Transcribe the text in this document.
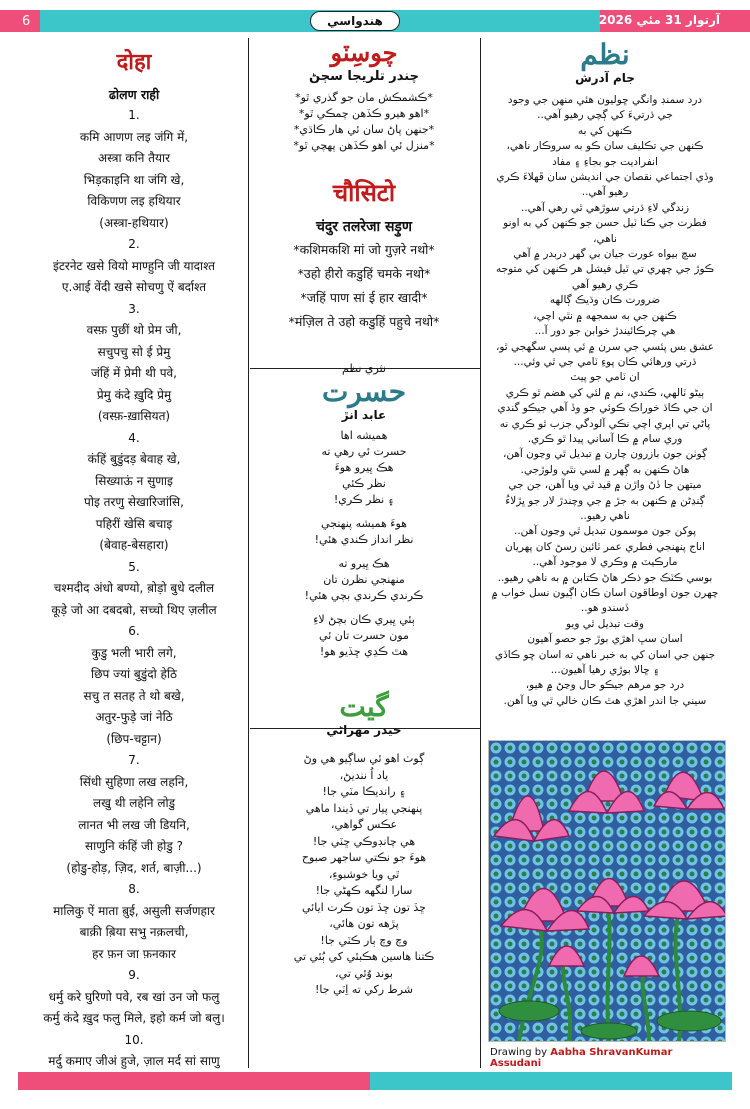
6	هندواسي	آرتوار 31 مئي 2026
दोहा
ढोलण राही
1.
कमि आणण लइ जंगि में,
अस्त्रा कनि तैयार
भिड़काइनि था जंगि खे,
विकिणण लइ हथियार
(अस्त्रा-हथियार)
2.
इंटरनेट खसे वियो माण्हुनि जी यादाश्त
ए.आई वेंदी खसे सोचणु ऐं बर्दाश्त
3.
वस्फ़ पुछीं थो प्रेम जी,
सचुपचु सो ई प्रेमु
जंहिं में प्रेमी थी पवे,
प्रेमु कंदे ख़ुदि प्रेमु
(वस्फ़-ख़ासियत)
4.
कंहिं बुडुंदड़ बेवाह खे,
सिख्याऊं न सुणाइ
पोइ तरणु सेखारिजांसि,
पहिरीं खेसि बचाइ
(बेवाह-बेसहारा)
5.
चश्मदीद अंधो बण्यो, ब़ोड़ो बुधे दलील
कूड़े जो आ दबदबो, सच्चो थिए ज़लील
6.
कुडु भली भारी लगे,
छिप ज्यां बुडुंदो हेठि
सचु त सतह ते थो बखे,
अतुर-फुड़े जां नेठि
(छिप-चट्टान)
7.
सिंधी सुहिणा लख लहनि,
लखु थी लहेनि लोडु
लानत भी लख जी डियनि,
साणुनि कंहिं जी होडु ?
(होडु-होड़, ज़िद, शर्त, बाज़ी...)
8.
मालिकु ऐं माता ब़ुई, असुली सर्जणहार
बाक़ी ब़िया सभु नक़लची,
हर फ़न जा फ़नकार
9.
धर्मु करे घुरिणो पवे, रब खां उन जो फलु
कर्मु कंदे ख़ुद फलु मिले, इहो कर्म जो बलु।
10.
मर्दु कमाए जीअं हुजे, ज़ाल मर्द सां साणु
چوسِٽو
چندر تلريجا سڄڻ
*ڪشمڪش مان جو گذري ٿو*
*اهو هيرو ڪڏهن چمڪي ٿو*
*جنهن پاڻ سان ئي هار ڪاڌي*
*منزل ئي اهو ڪڏهن پهچي ٿو*
चौसिटो
चंदुर तलरेजा सड़ुण
*कशिमकशि मां जो गुज़रे नथो*
*उहो हीरो कडुहिं चमके नथो*
*जहिं पाण सां ई हार खादी*
*मंज़िल ते उहो कडुहिं पहुचे नथो*
نثري نظم
حسرت
عابد انڙ
هميشه اها
حسرت ئي رهي ته
هڪ ڀيرو هوءَ
نظر ڪئي
۽ نظر ڪري!
هوءَ هميشه پنهنجي
نظر انداز ڪندي هئي!
هڪ ڀيرو ته
منهنجي نظرن تان
ڪرندي ڪرندي بچي هئي!
ٻئي ڀيري ڪان بچڻ لاءِ
مون حسرت تان ئي
هٿ ڪڍي ڇڏيو هو!
گيت
حيدر مهراڻي
ڳوٺ اهو ئي ساڳيو هي وڻ
ياد اُ ننديڻ،
۽ رانديڪا مٽي جا!
پنهنجي پيار تي ڏيندا ماهي
عڪس گواهي،
هي چانڊوڪي ڇٽي جا!
هوءَ جو نڪتي ساجهر صبوح
ٿي ويا خوشبوءِ،
سارا لنگهه ڪهڻي جا!
ڇڏ تون ڇڏ تون ڪرت ايائي
پڙهه تون هائي،
وچ وچ ٻار ڪٽي جا!
ڪتنا هاسين هڪبئي کي ٻُئي تي
بوند وُئي تي،
شرط رکي ته اِٽي جا!
نظم
جام آدرش
درد سمنڊ وانگي ڇوليون هئي منهن جي وجود
جي ڌرتيءَ کي ڳچي رهيو آهي..
ڪنهن کي به
ڪنهن جي تڪليف سان ڪو به سروڪار ناهي،
انفراديت جو بجاءِ ۽ مفاد
وڏي اجتماعي نقصان جي انديشن سان ڦهلاءَ ڪري
رهيو آهي..
زندگي لاءِ ڌرتي سوڙهي ٿي رهي آهي..
فطرت جي ڪنا ٽيل حسن جو ڪنهن کي به اونو
ناهي،
سچ بيواه عورت جيان بي گهر دربدر ۾ آهي
ڪوڙ جي چهري تي ٿيل فيشل هر ڪنهن کي متوجه
ڪري رهيو آهي
ضرورت ڪان وڌيڪ ڳالهه
ڪنهن جي به سمجهه ۾ نٿي اچي،
هي چرڪائيندڙ خوابن جو دور آ...
عشق بس پئسي جي سرن ۾ ئي پسي سگهجي ٿو،
ڌرتي ورهائي ڪان پوءِ ٽامي جي ٿي وئي...
ان ٽامي جو پيٽ
ٻيڻو ٽالهي، ڪندي، نم ۾ لئي کي هضم ٿو ڪري
ان جي ڪاڌ خوراڪ ڪوئي جو وڏ آهي جيڪو گندي
پاڻي تي اپري اچي نڪي آلودگي جزب ٿو ڪري نه
وري سام ۾ ڪا آساني پيدا ٿو ڪري.
ڳوٺن جون بازرون چارن ۾ تبديل ٿي وڃون آهن،
هاڻ ڪنهن به ڳهر ۾ لسي نٿي ولوڙجي.
ميتهن جا ڏڻ واڙن ۾ قيد ٿي ويا آهن، جن جي
ڳنڍڻن ۾ ڪنهن به جڙ ۾ جي وچندڙ لار جو ڀڙلاءُ
ناهي رهيو..
پوکن جون موسمون تبديل ٿي وڃون آهن..
اناج پنهنجي فطري عمر ٽائين رسڻ کان پهريان
مارڪيٽ ۾ وڪري لا موجود آهي..
بوسي ڪٽڪ جو ذڪر هاڻ ڪتابن ۾ به ناهي رهيو..
چهرن جون اوطاقون اسان ڪان اڳيون نسل خواب ۾
ڏسندو هو..
وقت تبديل ٿي ويو
اسان سڀ اهڙي بوڙ جو حصو آهيون
جنهن جي اسان کي به خبر ناهي ته اسان ڇو ڪاڏي
۽ ڇالا بوڙي رهيا آهيون...
درد جو مرهم جيڪو حال وڃڻ ۾ هيو،
سيني جا اندر اهڙي هٿ ڪان خالي ٿي ويا آهن.
Drawing by Aabha ShravanKumar Assudani
